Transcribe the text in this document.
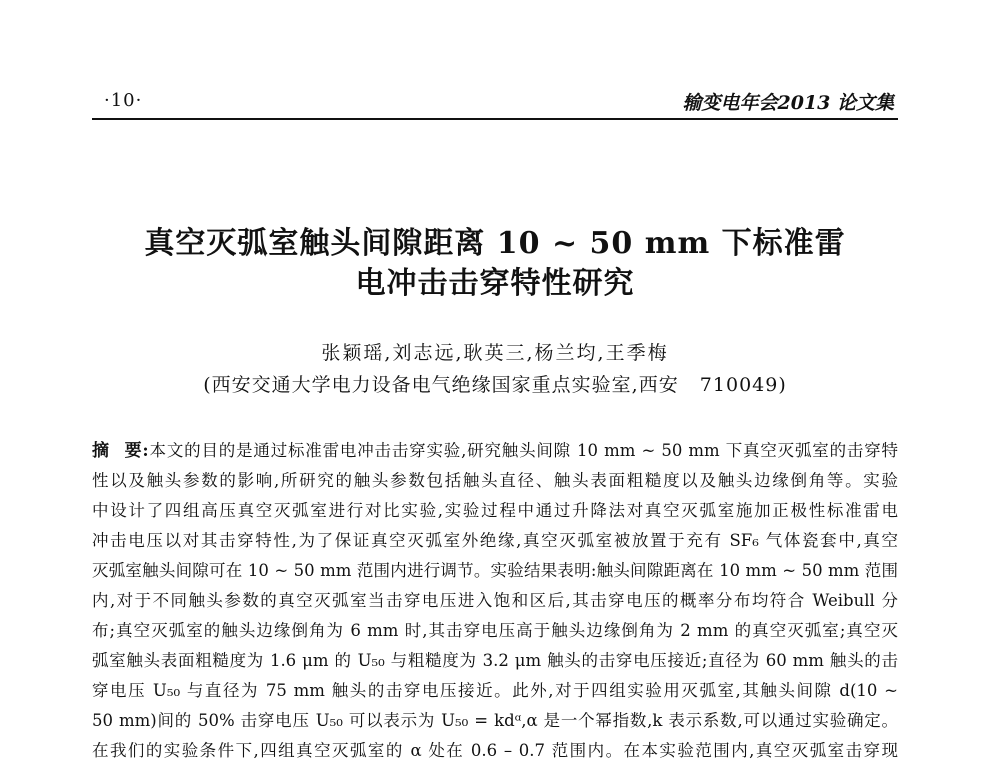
·10·	输变电年会2013 论文集
真空灭弧室触头间隙距离 10 ~ 50 mm 下标准雷
电冲击击穿特性研究
张颖瑶,刘志远,耿英三,杨兰均,王季梅
(西安交通大学电力设备电气绝缘国家重点实验室,西安   710049)
摘 要:本文的目的是通过标准雷电冲击击穿实验,研究触头间隙 10 mm ~ 50 mm 下真空灭弧室的击穿特
性以及触头参数的影响,所研究的触头参数包括触头直径、触头表面粗糙度以及触头边缘倒角等。实验
中设计了四组高压真空灭弧室进行对比实验,实验过程中通过升降法对真空灭弧室施加正极性标准雷电
冲击电压以对其击穿特性,为了保证真空灭弧室外绝缘,真空灭弧室被放置于充有 SF₆ 气体瓷套中,真空
灭弧室触头间隙可在 10 ~ 50 mm 范围内进行调节。实验结果表明:触头间隙距离在 10 mm ~ 50 mm 范围
内,对于不同触头参数的真空灭弧室当击穿电压进入饱和区后,其击穿电压的概率分布均符合 Weibull 分
布;真空灭弧室的触头边缘倒角为 6 mm 时,其击穿电压高于触头边缘倒角为 2 mm 的真空灭弧室;真空灭
弧室触头表面粗糙度为 1.6 μm 的 U₅₀ 与粗糙度为 3.2 μm 触头的击穿电压接近;直径为 60 mm 触头的击
穿电压 U₅₀ 与直径为 75 mm 触头的击穿电压接近。此外,对于四组实验用灭弧室,其触头间隙 d(10 ~
50 mm)间的 50% 击穿电压 U₅₀ 可以表示为 U₅₀ = kdᵅ,α 是一个幂指数,k 表示系数,可以通过实验确定。
在我们的实验条件下,四组真空灭弧室的 α 处在 0.6 – 0.7 范围内。在本实验范围内,真空灭弧室击穿现
